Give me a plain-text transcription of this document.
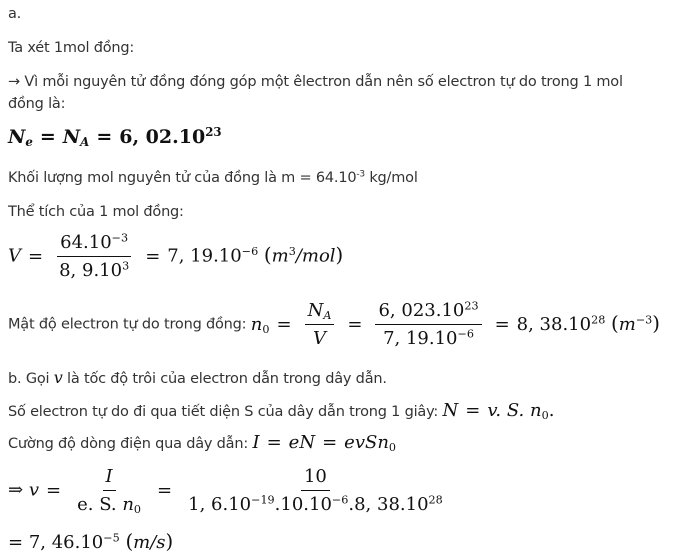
a.
Ta xét 1mol đồng:
→ Vì mỗi nguyên tử đồng đóng góp một êlectron dẫn nên số electron tự do trong 1 mol
đồng là:
$N_e = N_A = 6$, 02.10$^{23}$
Khối lượng mol nguyên tử của đồng là $m = 64.10^{-3}$ kg/mol
Thể tích của 1 mol đồng:
$V = \frac{64.10^{-3}}{8, 9.10^3} = 7$, $19.10^{-6}$ $(m^3/mol)$
Mật độ electron tự do trong đồng: $n_0 = \frac{N_A}{V} = \frac{6, 023.10^{23}}{7, 19.10^{-6}} = 8$, 38.10$^{28}$ $(m^{-3})$
b. Gọi v là tốc độ trôi của electron dẫn trong dây dẫn.
Số electron tự do đi qua tiết diện S của dây dẫn trong 1 giây: N = v. S. $n_0$.
Cường độ dòng điện qua dây dẫn: I = eN = evSn$_0$
⇒ $v = \frac{I}{e. S. n_0} = \frac{10}{1, 6.10^{-19}.10.10^{-6}.8, 38.10^{28}}$
= 7, $46.10^{-5}$ (m/s)
